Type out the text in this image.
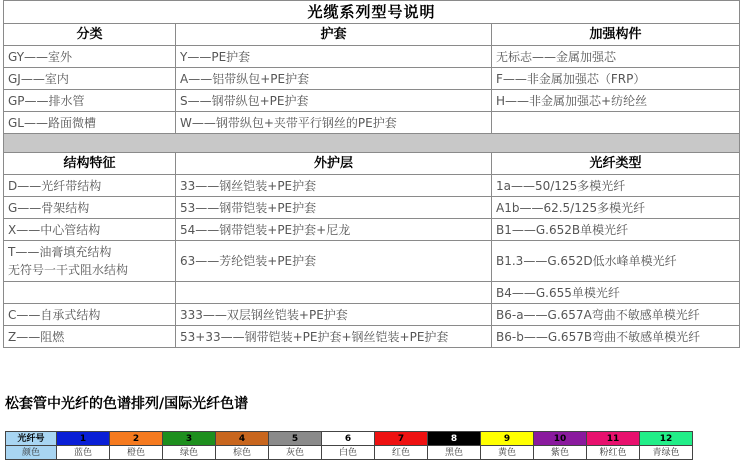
光缆系列型号说明		
分类	护套	加强构件
GY——室外	Y——PE护套	无标志——金属加强芯
GJ——室内	A——铝带纵包+PE护套	F——非金属加强芯（FRP）
GP——排水管	S——钢带纵包+PE护套	H——非金属加强芯+纺纶丝
GL——路面微槽	W——钢带纵包+夹带平行钢丝的PE护套	

结构特征	外护层	光纤类型
D——光纤带结构	33——钢丝铠装+PE护套	1a——50/125多模光纤
G——骨架结构	53——钢带铠装+PE护套	A1b——62.5/125多模光纤
X——中心管结构	54——钢带铠装+PE护套+尼龙	B1——G.652B单模光纤
T——油膏填充结构
无符号一干式阻水结构	63——芳纶铠装+PE护套	B1.3——G.652D低水峰单模光纤
		B4——G.655单模光纤
C——自承式结构	333——双层钢丝铠装+PE护套	B6-a——G.657A弯曲不敏感单模光纤
Z——阻燃	53+33——钢带铠装+PE护套+钢丝铠装+PE护套	B6-b——G.657B弯曲不敏感单模光纤
松套管中光纤的色谱排列/国际光纤色谱
光纤号	1	2	3	4	5	6	7	8	9	10	11	12
颜色	蓝色	橙色	绿色	棕色	灰色	白色	红色	黑色	黄色	紫色	粉红色	青绿色
